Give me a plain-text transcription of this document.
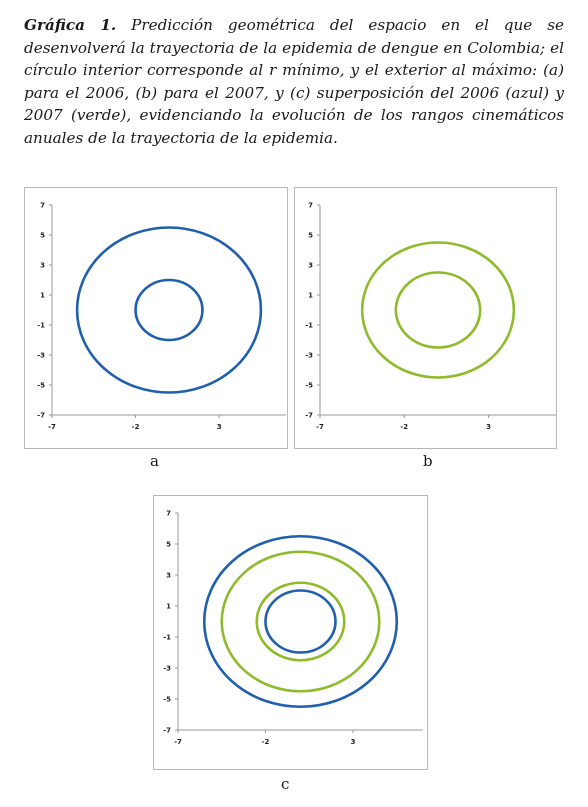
Gráfica 1. Predicción geométrica del espacio en el que se desenvolverá la trayectoria de la epidemia de dengue en Colombia; el círculo interior corresponde al r mínimo, y el exterior al máximo: (a) para el 2006, (b) para el 2007, y (c) superposición del 2006 (azul) y 2007 (verde), evidenciando la evolución de los rangos cinemáticos anuales de la trayectoria de la epidemia.
7
5
3
1
-1
-3
-5
-7
-7	-2	3
a
7
5
3
1
-1
-3
-5
-7
-7	-2	3
b
7
5
3
1
-1
-3
-5
-7
-7	-2	3
c
